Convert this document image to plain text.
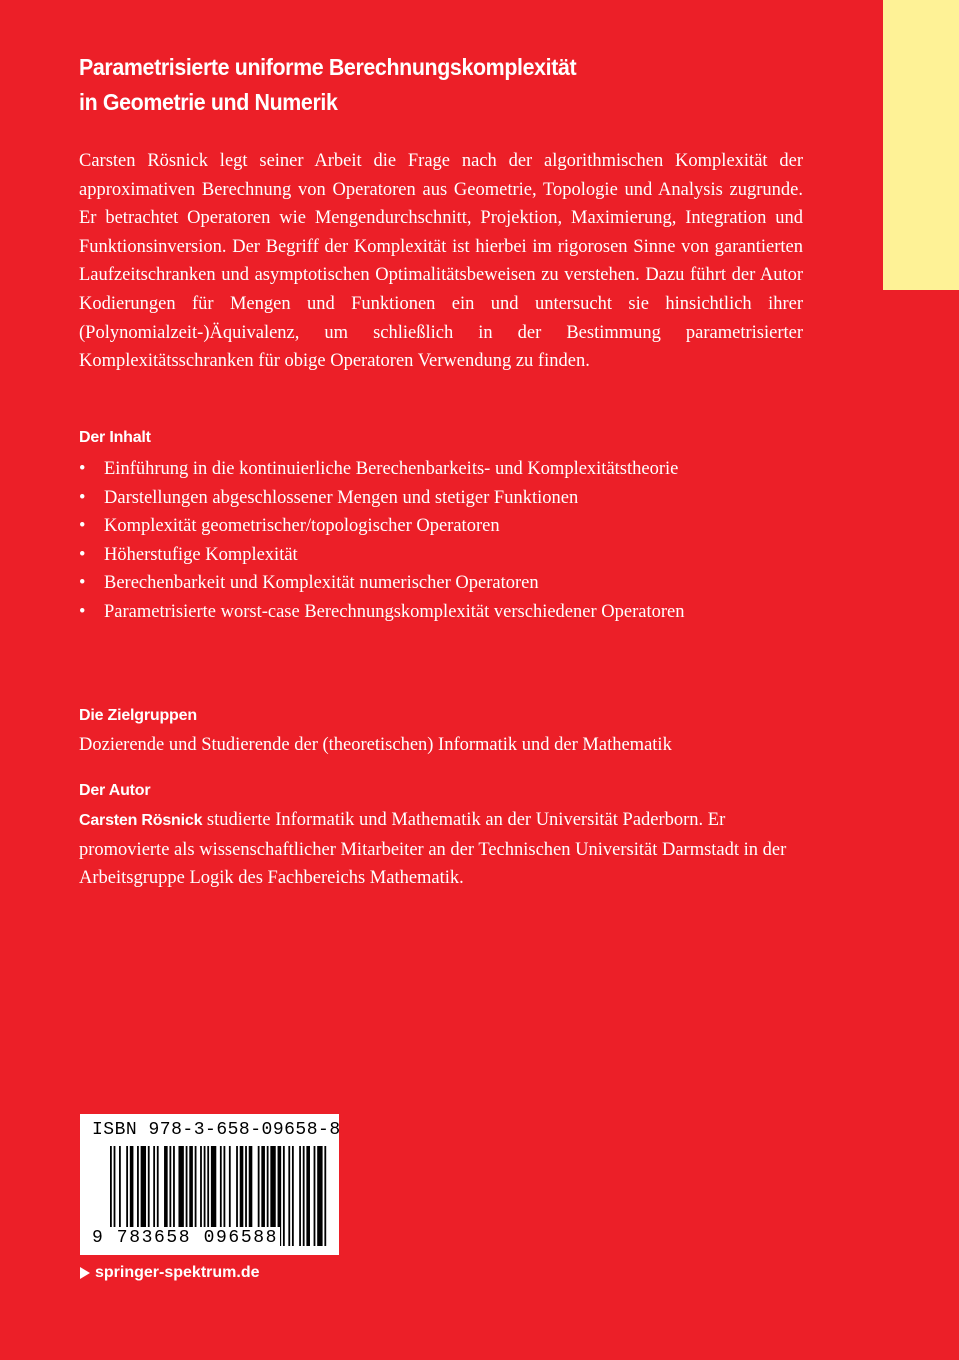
Parametrisierte uniforme Berechnungskomplexität
in Geometrie und Numerik

Carsten Rösnick legt seiner Arbeit die Frage nach der algorithmischen Komplexität der approximativen Berechnung von Operatoren aus Geometrie, Topologie und Analysis zugrunde. Er betrachtet Operatoren wie Mengendurchschnitt, Projektion, Maximierung, Integration und Funktionsinversion. Der Begriff der Komplexität ist hierbei im rigorosen Sinne von garantierten Laufzeitschranken und asymptotischen Optimalitätsbeweisen zu verstehen. Dazu führt der Autor Kodierungen für Mengen und Funktionen ein und untersucht sie hinsichtlich ihrer (Polynomialzeit-)Äquivalenz, um schließlich in der Bestimmung parametrisierter Komplexitätsschranken für obige Operatoren Verwendung zu finden.

Der Inhalt
• Einführung in die kontinuierliche Berechenbarkeits- und Komplexitätstheorie
• Darstellungen abgeschlossener Mengen und stetiger Funktionen
• Komplexität geometrischer/topologischer Operatoren
• Höherstufige Komplexität
• Berechenbarkeit und Komplexität numerischer Operatoren
• Parametrisierte worst-case Berechnungskomplexität verschiedener Operatoren
Die Zielgruppen

Dozierende und Studierende der (theoretischen) Informatik und der Mathematik

Der Autor

Carsten Rösnick studierte Informatik und Mathematik an der Universität Paderborn. Er promovierte als wissenschaftlicher Mitarbeiter an der Technischen Universität Darmstadt in der Arbeitsgruppe Logik des Fachbereichs Mathematik.

ISBN 978-3-658-09658-8
9 783658 096588
springer-spektrum.de
